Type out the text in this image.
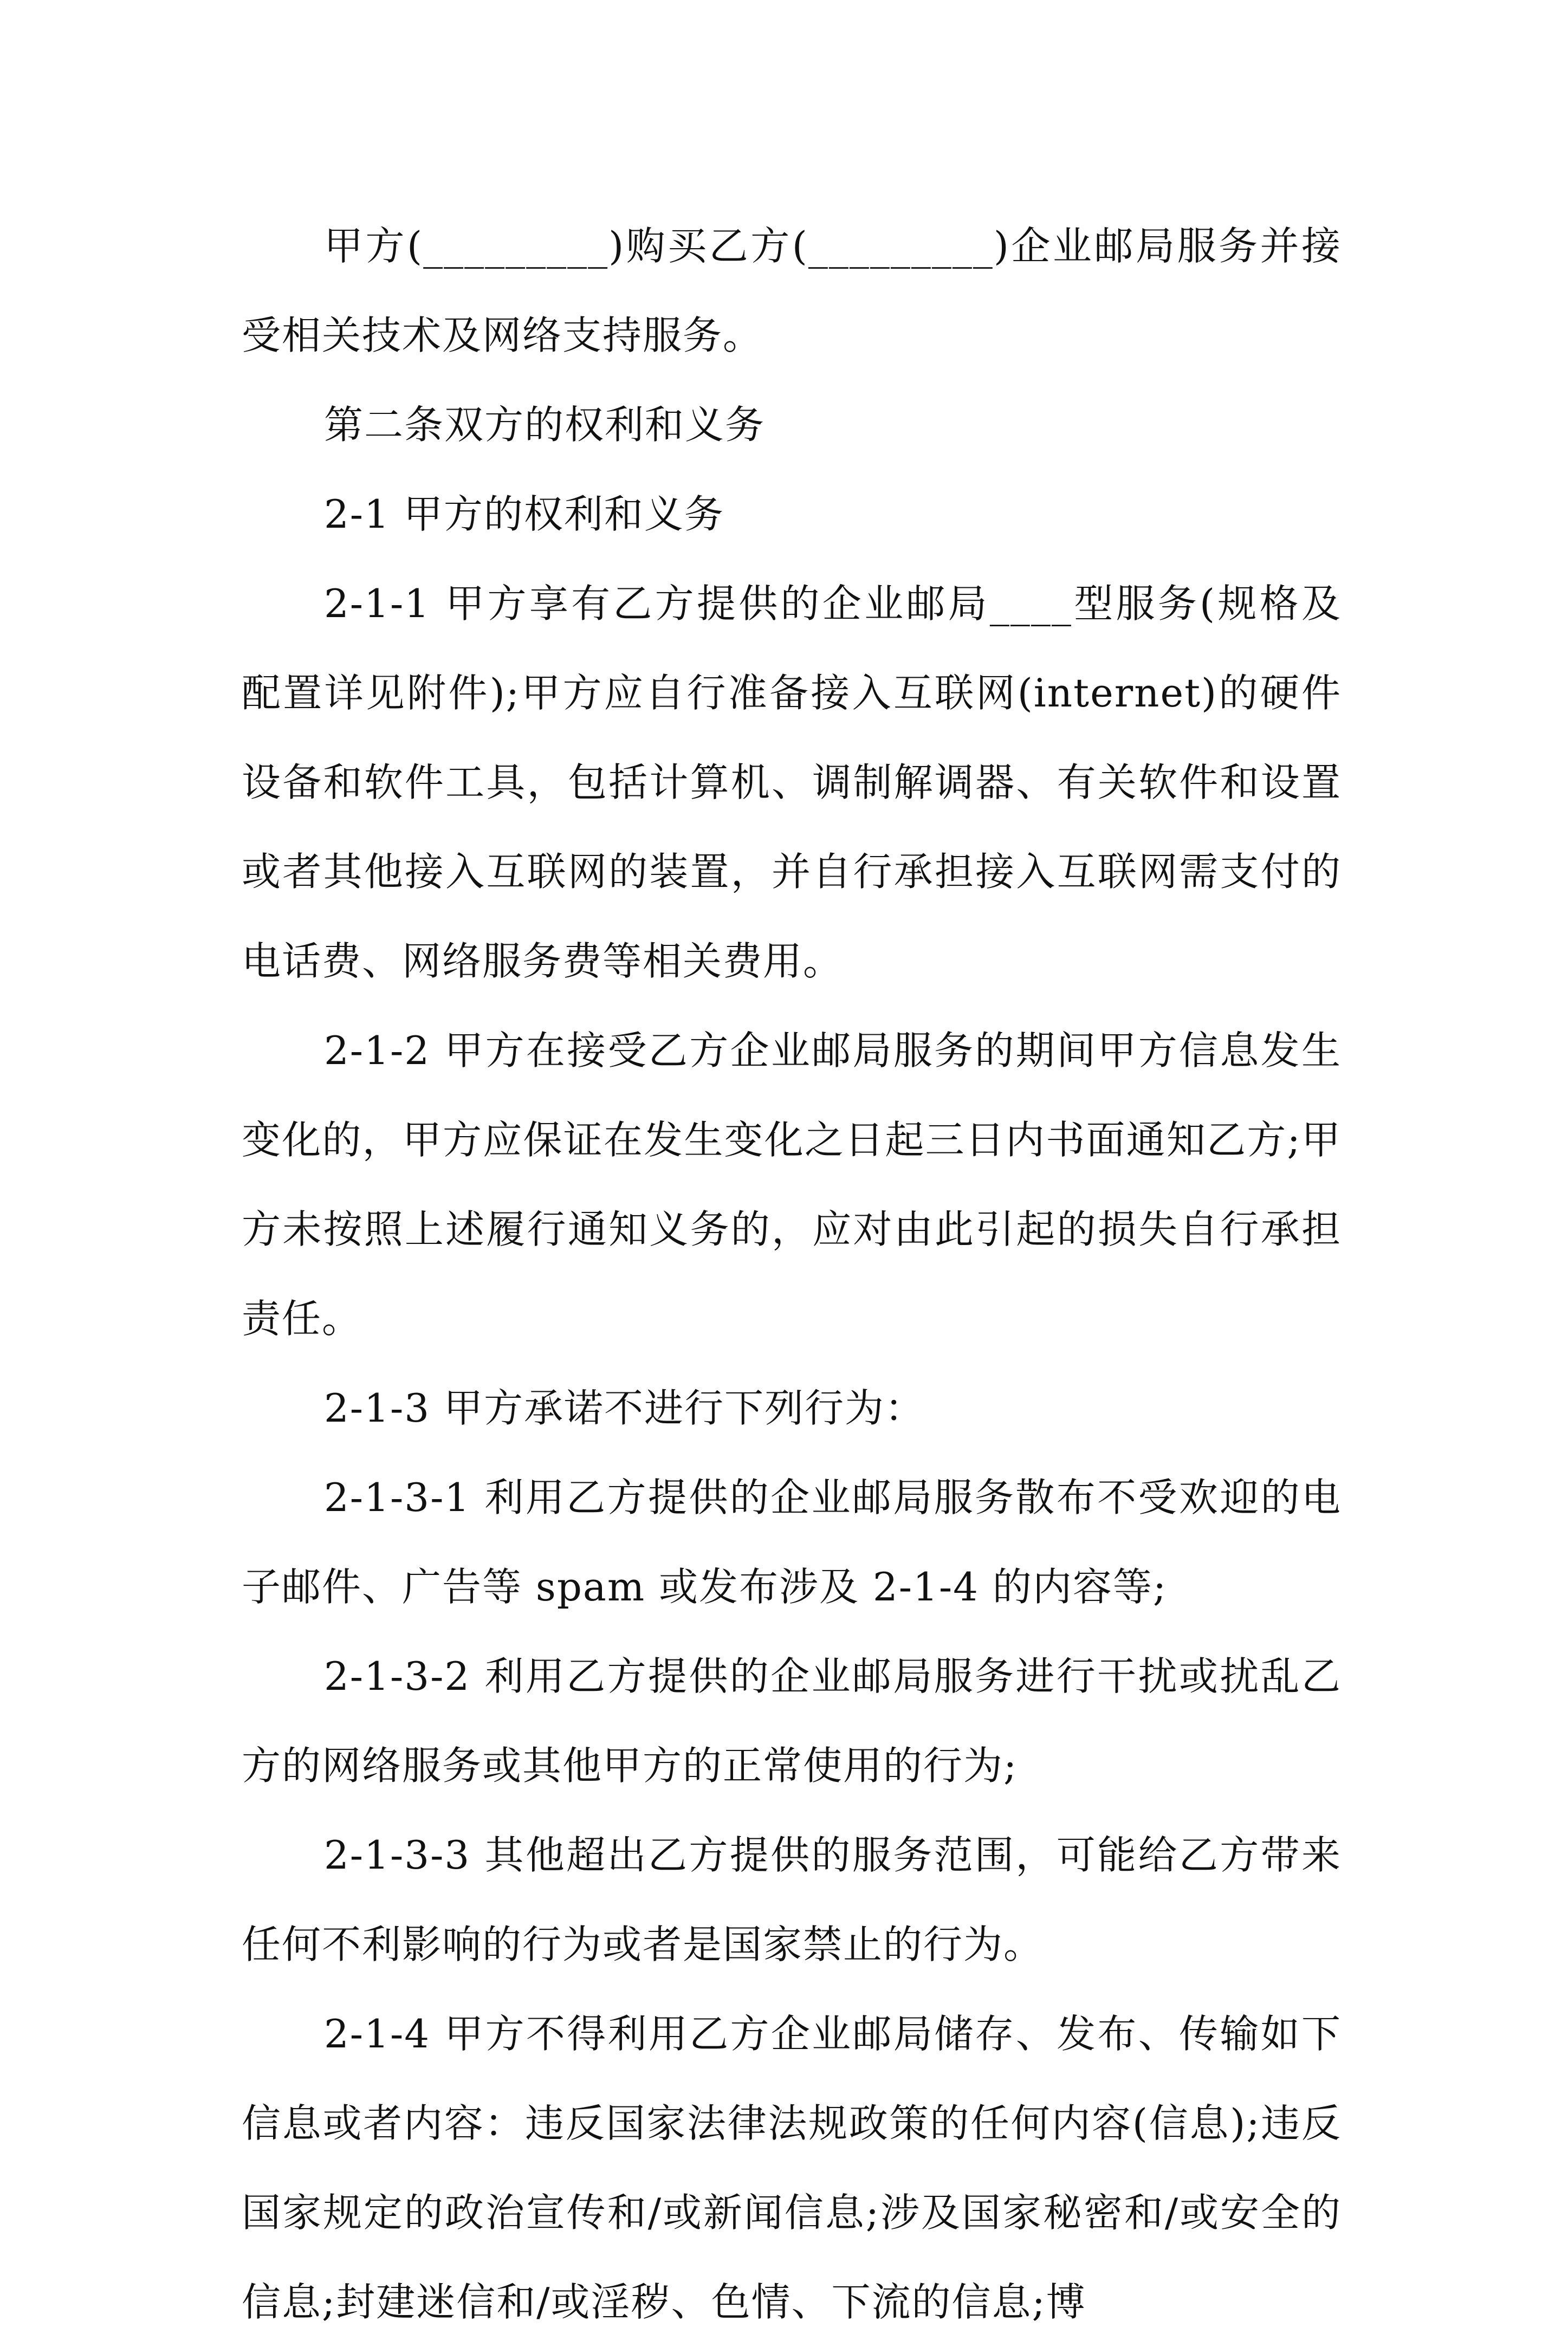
甲方(_________)购买乙方(_________)企业邮局服务并接受相关技术及网络支持服务。

第二条双方的权利和义务

2-1 甲方的权利和义务

2-1-1 甲方享有乙方提供的企业邮局____型服务(规格及配置详见附件);甲方应自行准备接入互联网(internet)的硬件设备和软件工具，包括计算机、调制解调器、有关软件和设置或者其他接入互联网的装置，并自行承担接入互联网需支付的电话费、网络服务费等相关费用。

2-1-2 甲方在接受乙方企业邮局服务的期间甲方信息发生变化的，甲方应保证在发生变化之日起三日内书面通知乙方;甲方未按照上述履行通知义务的，应对由此引起的损失自行承担责任。

2-1-3 甲方承诺不进行下列行为：

2-1-3-1 利用乙方提供的企业邮局服务散布不受欢迎的电子邮件、广告等 spam 或发布涉及 2-1-4 的内容等;

2-1-3-2 利用乙方提供的企业邮局服务进行干扰或扰乱乙方的网络服务或其他甲方的正常使用的行为;

2-1-3-3 其他超出乙方提供的服务范围，可能给乙方带来任何不利影响的行为或者是国家禁止的行为。

2-1-4 甲方不得利用乙方企业邮局储存、发布、传输如下信息或者内容：违反国家法律法规政策的任何内容(信息);违反国家规定的政治宣传和/或新闻信息;涉及国家秘密和/或安全的信息;封建迷信和/或淫秽、色情、下流的信息;博
